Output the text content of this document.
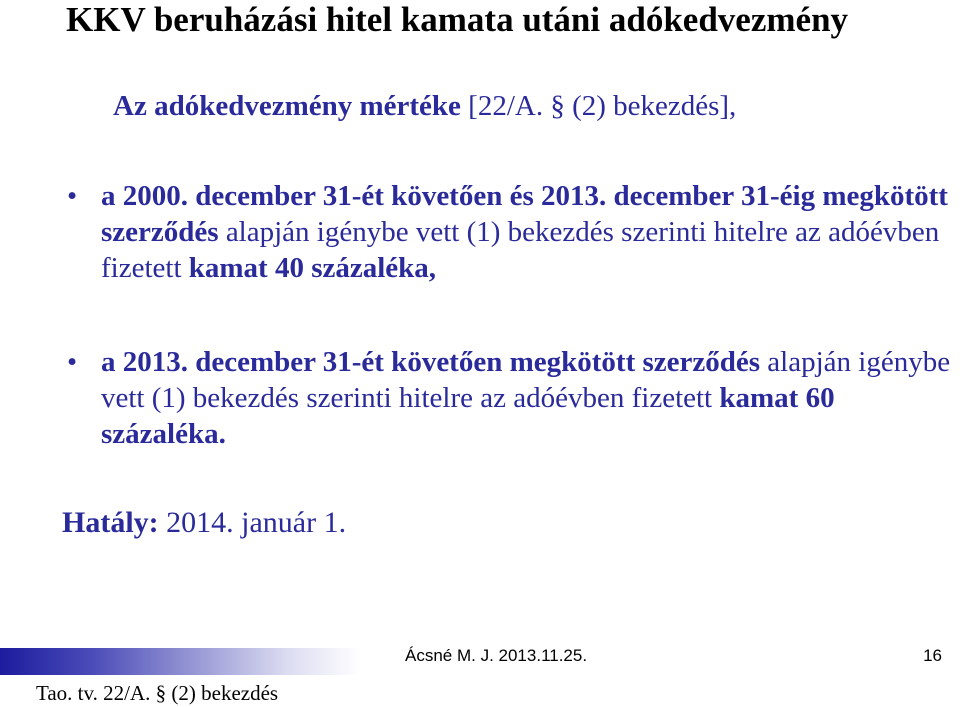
KKV beruházási hitel kamata utáni adókedvezmény
Az adókedvezmény mértéke [22/A. § (2) bekezdés],
• a 2000. december 31-ét követően és 2013. december 31-éig megkötött szerződés alapján igénybe vett (1) bekezdés szerinti hitelre az adóévben fizetett kamat 40 százaléka,
• a 2013. december 31-ét követően megkötött szerződés alapján igénybe vett (1) bekezdés szerinti hitelre az adóévben fizetett kamat 60 százaléka.
Hatály: 2014. január 1.
Tao. tv. 22/A. § (2) bekezdés
Ácsné M. J. 2013.11.25.	16
